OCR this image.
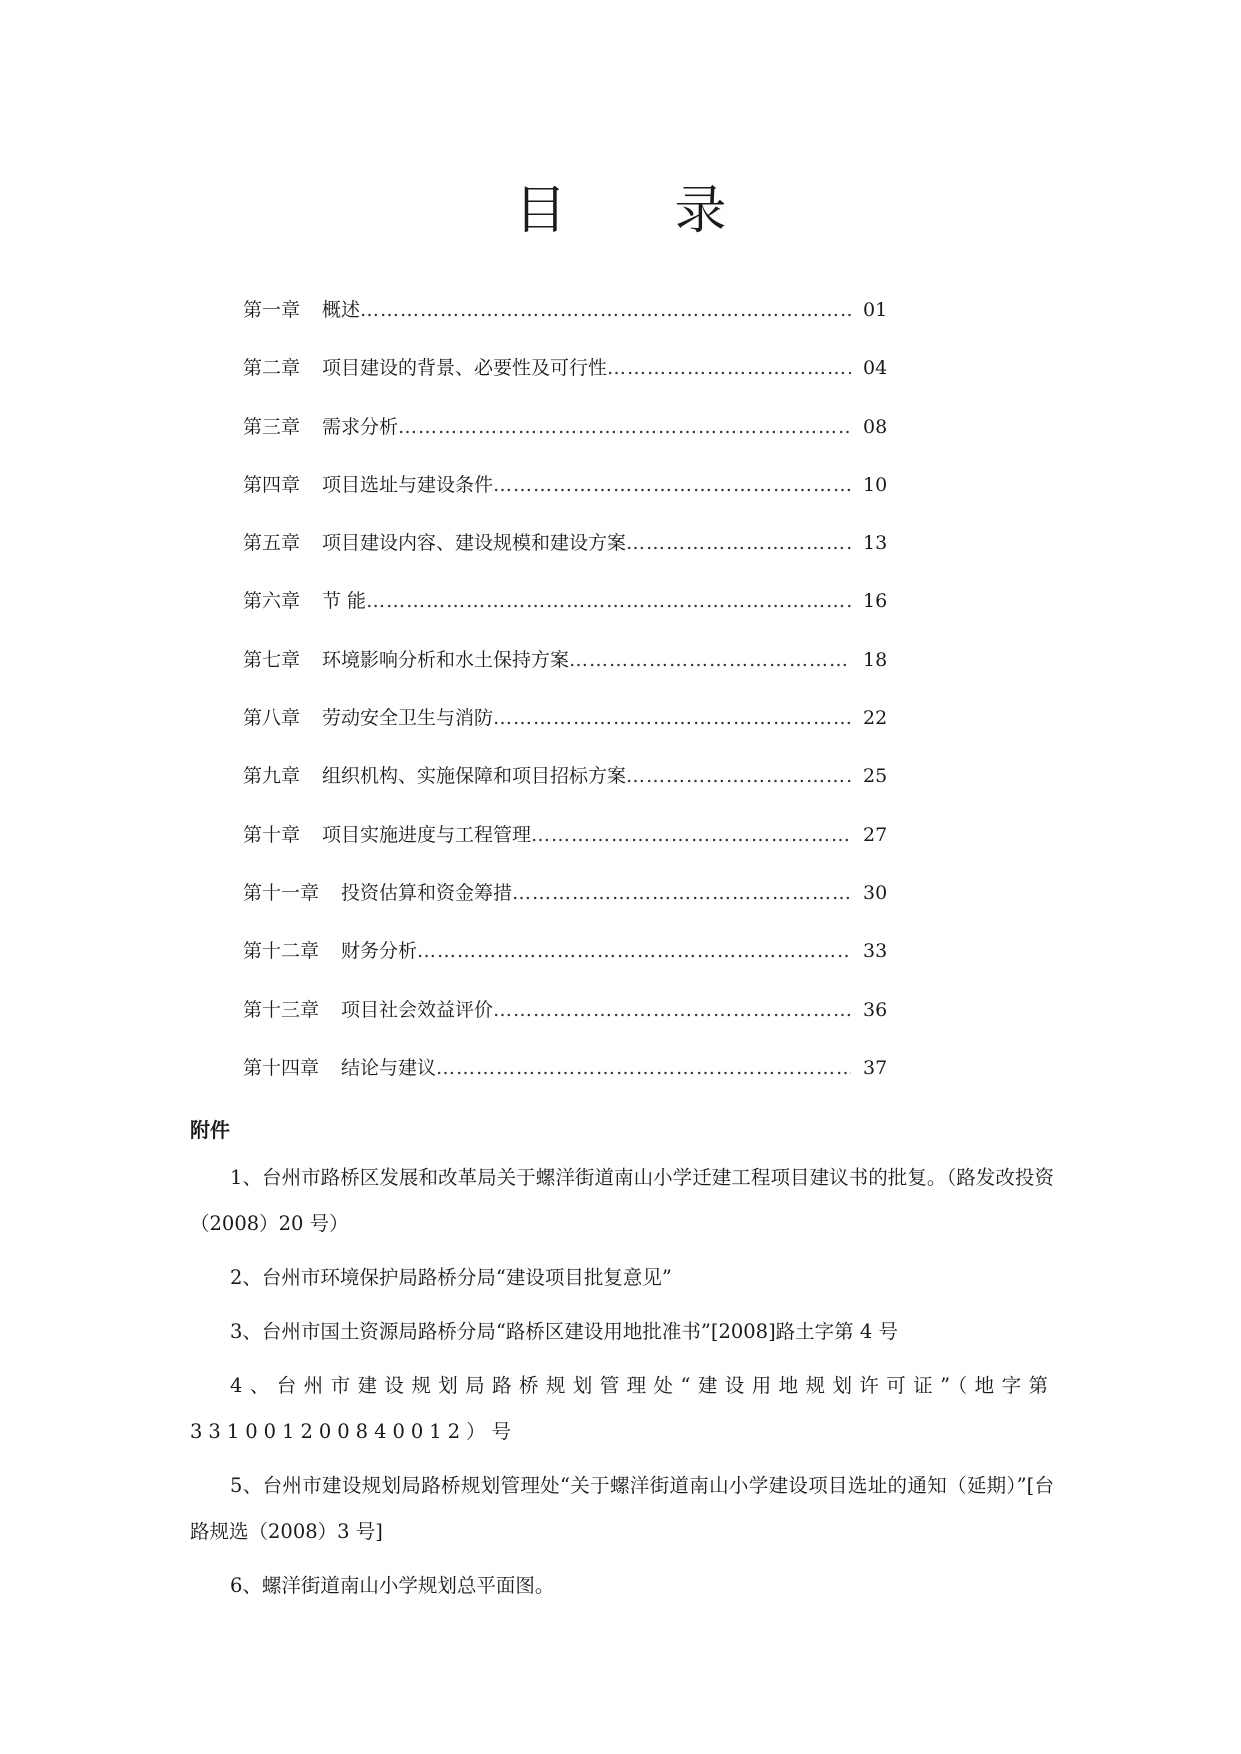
目 录
第一章	概述 …………………………………………………………………………………………………………………………………………	01
第二章	项目建设的背景、必要性及可行性 …………………………………………………………………………………………………………………………………………	04
第三章	需求分析 …………………………………………………………………………………………………………………………………………	08
第四章	项目选址与建设条件 …………………………………………………………………………………………………………………………………………	10
第五章	项目建设内容、建设规模和建设方案 …………………………………………………………………………………………………………………………………………	13
第六章	节 能 …………………………………………………………………………………………………………………………………………	16
第七章	环境影响分析和水土保持方案 …………………………………………………………………………………………………………………………………………	18
第八章	劳动安全卫生与消防 …………………………………………………………………………………………………………………………………………	22
第九章	组织机构、实施保障和项目招标方案 …………………………………………………………………………………………………………………………………………	25
第十章	项目实施进度与工程管理 …………………………………………………………………………………………………………………………………………	27
第十一章	投资估算和资金筹措 …………………………………………………………………………………………………………………………………………	30
第十二章	财务分析 …………………………………………………………………………………………………………………………………………	33
第十三章	项目社会效益评价 …………………………………………………………………………………………………………………………………………	36
第十四章	结论与建议 …………………………………………………………………………………………………………………………………………	37
附件
1、台州市路桥区发展和改革局关于螺洋街道南山小学迁建工程项目建议书的批复。（路发改投资（2008）20 号）
2、台州市环境保护局路桥分局“建设项目批复意见”
3、台州市国土资源局路桥分局“路桥区建设用地批准书”[2008]路土字第 4 号
4、台州市建设规划局路桥规划管理处“建设用地规划许可证”（地字第331001200840012）号
5、台州市建设规划局路桥规划管理处“关于螺洋街道南山小学建设项目选址的通知（延期）”[台路规选（2008）3 号]
6、螺洋街道南山小学规划总平面图。
